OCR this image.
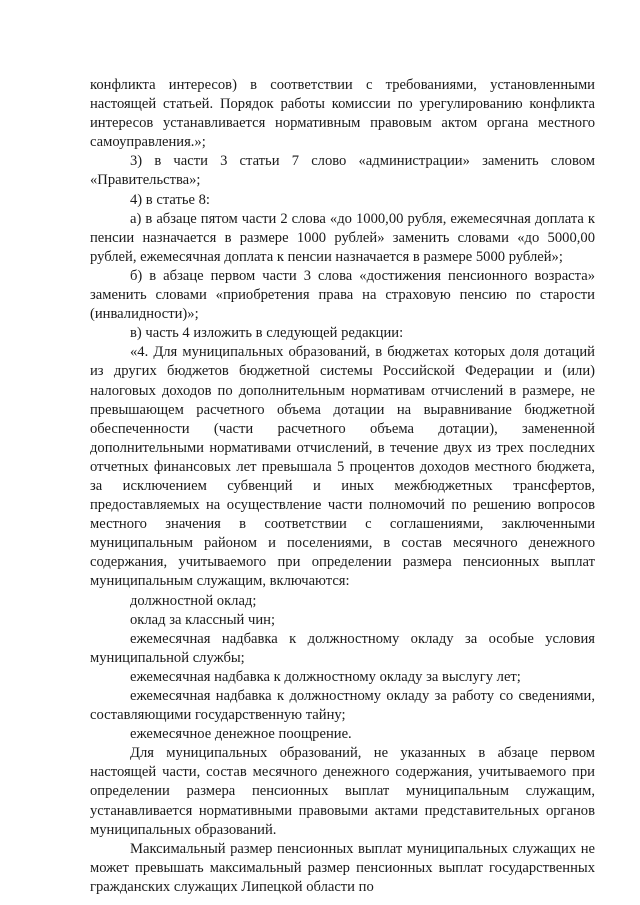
конфликта интересов) в соответствии с требованиями, установленными настоящей статьей. Порядок работы комиссии по урегулированию конфликта интересов устанавливается нормативным правовым актом органа местного самоуправления.»;

3) в части 3 статьи 7 слово «администрации» заменить словом «Правительства»;

4) в статье 8:

а) в абзаце пятом части 2 слова «до 1000,00 рубля, ежемесячная доплата к пенсии назначается в размере 1000 рублей» заменить словами «до 5000,00 рублей, ежемесячная доплата к пенсии назначается в размере 5000 рублей»;

б) в абзаце первом части 3 слова «достижения пенсионного возраста» заменить словами «приобретения права на страховую пенсию по старости (инвалидности)»;

в) часть 4 изложить в следующей редакции:

«4. Для муниципальных образований, в бюджетах которых доля дотаций из других бюджетов бюджетной системы Российской Федерации и (или) налоговых доходов по дополнительным нормативам отчислений в размере, не превышающем расчетного объема дотации на выравнивание бюджетной обеспеченности (части расчетного объема дотации), замененной дополнительными нормативами отчислений, в течение двух из трех последних отчетных финансовых лет превышала 5 процентов доходов местного бюджета, за исключением субвенций и иных межбюджетных трансфертов, предоставляемых на осуществление части полномочий по решению вопросов местного значения в соответствии с соглашениями, заключенными муниципальным районом и поселениями, в состав месячного денежного содержания, учитываемого при определении размера пенсионных выплат муниципальным служащим, включаются:

должностной оклад;

оклад за классный чин;

ежемесячная надбавка к должностному окладу за особые условия муниципальной службы;

ежемесячная надбавка к должностному окладу за выслугу лет;

ежемесячная надбавка к должностному окладу за работу со сведениями, составляющими государственную тайну;

ежемесячное денежное поощрение.

Для муниципальных образований, не указанных в абзаце первом настоящей части, состав месячного денежного содержания, учитываемого при определении размера пенсионных выплат муниципальным служащим, устанавливается нормативными правовыми актами представительных органов муниципальных образований.

Максимальный размер пенсионных выплат муниципальных служащих не может превышать максимальный размер пенсионных выплат государственных гражданских служащих Липецкой области по
